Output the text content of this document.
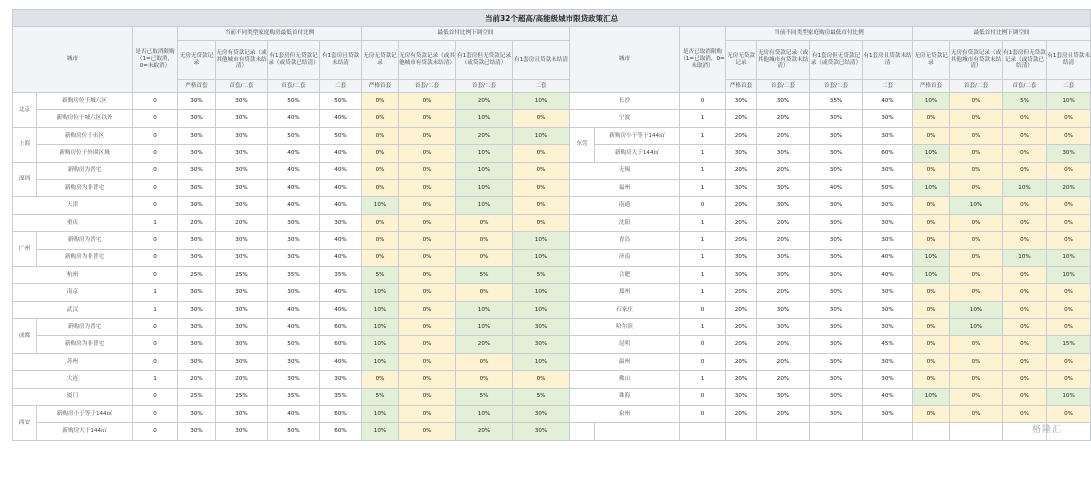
当前32个超高/高能级城市限贷政策汇总																					
城市		是否已取消限购（1=已取消，0=未取消）	当前不同类型家庭购房最低首付比例				最低首付比例下调空间				城市		是否已取消限购（1=已取消，0=未取消）	当前不同类型家庭购房最低首付比例				最低首付比例下调空间			
			无房无贷款记录	无房有贷款记录（或其他城市有贷款未结清）	有1套房但无贷款记录（或贷款已结清）	有1套房且贷款未结清	无房无贷款记录	无房有贷款记录（或其他城市有贷款未结清）	有1套房但无贷款记录（或贷款已结清）	有1套房且贷款未结清				无房无贷款记录	无房有贷款记录（或其他城市有贷款未结清）	有1套房但无贷款记录（或贷款已结清）	有1套房且贷款未结清	无房无贷款记录	无房有贷款记录（或其他城市有贷款未结清）	有1套房但无贷款记录（或贷款已结清）	有1套房且贷款未结清
			严格首套	首套/二套	首套/二套	二套	严格首套	首套/二套	首套/二套	二套				严格首套	首套/二套	首套/二套	二套	严格首套	首套/二套	首套/二套	二套
北京	新购房位于城六区	0	30%	30%	50%	50%	0%	0%	20%	10%	长沙		0	30%	30%	35%	40%	10%	0%	5%	10%
	新购房位于城六区以外	0	30%	30%	40%	40%	0%	0%	10%	0%	宁波		1	20%	20%	30%	30%	0%	0%	0%	0%
上海	新购房位于市区	0	30%	30%	50%	50%	0%	0%	20%	10%	东莞	新购房小于等于144㎡	1	20%	20%	30%	30%	0%	0%	0%	0%
	新购房位于外围区域	0	30%	30%	40%	40%	0%	0%	10%	0%		新购房大于144㎡	1	30%	30%	30%	60%	10%	0%	0%	30%
深圳	新购房为普宅	0	30%	30%	40%	40%	0%	0%	10%	0%	无锡		1	20%	20%	30%	30%	0%	0%	0%	0%
	新购房为非普宅	0	30%	30%	40%	40%	0%	0%	10%	0%	福州		1	30%	30%	40%	50%	10%	0%	10%	20%
天津		0	30%	30%	40%	40%	10%	0%	10%	0%	南通		0	20%	30%	30%	30%	0%	10%	0%	0%
重庆		1	20%	20%	30%	30%	0%	0%	0%	0%	沈阳		1	20%	20%	30%	30%	0%	0%	0%	0%
广州	新购房为普宅	0	30%	30%	30%	40%	0%	0%	0%	10%	青岛		1	20%	20%	30%	30%	0%	0%	0%	0%
	新购房为非普宅	0	30%	30%	30%	40%	0%	0%	0%	10%	济南		1	30%	30%	30%	40%	10%	0%	10%	10%
杭州		0	25%	25%	35%	35%	5%	0%	5%	5%	合肥		1	30%	30%	30%	40%	10%	0%	0%	10%
南京		1	30%	30%	30%	40%	10%	0%	0%	10%	郑州		1	20%	20%	30%	30%	0%	0%	0%	0%
武汉		1	30%	30%	40%	40%	10%	0%	10%	10%	石家庄		0	20%	30%	30%	30%	0%	10%	0%	0%
成都	新购房为普宅	0	30%	30%	40%	60%	10%	0%	10%	30%	哈尔滨		1	20%	30%	30%	30%	0%	10%	0%	0%
	新购房为非普宅	0	30%	30%	50%	60%	10%	0%	20%	30%	昆明		0	20%	20%	30%	45%	0%	0%	0%	15%
苏州		0	30%	30%	30%	40%	10%	0%	0%	10%	温州		0	20%	20%	30%	30%	0%	0%	0%	0%
大连		1	20%	20%	30%	30%	0%	0%	0%	0%	佛山		1	20%	20%	30%	30%	0%	0%	0%	0%
厦门		0	25%	25%	35%	35%	5%	0%	5%	5%	珠海		0	30%	30%	30%	40%	10%	0%	0%	10%
西安	新购房小于等于144㎡	0	30%	30%	40%	60%	10%	0%	10%	30%	泉州		0	20%	20%	30%	30%	0%	0%	0%	0%
	新购房大于144㎡	0	30%	30%	50%	60%	10%	0%	20%	30%												格隆汇
